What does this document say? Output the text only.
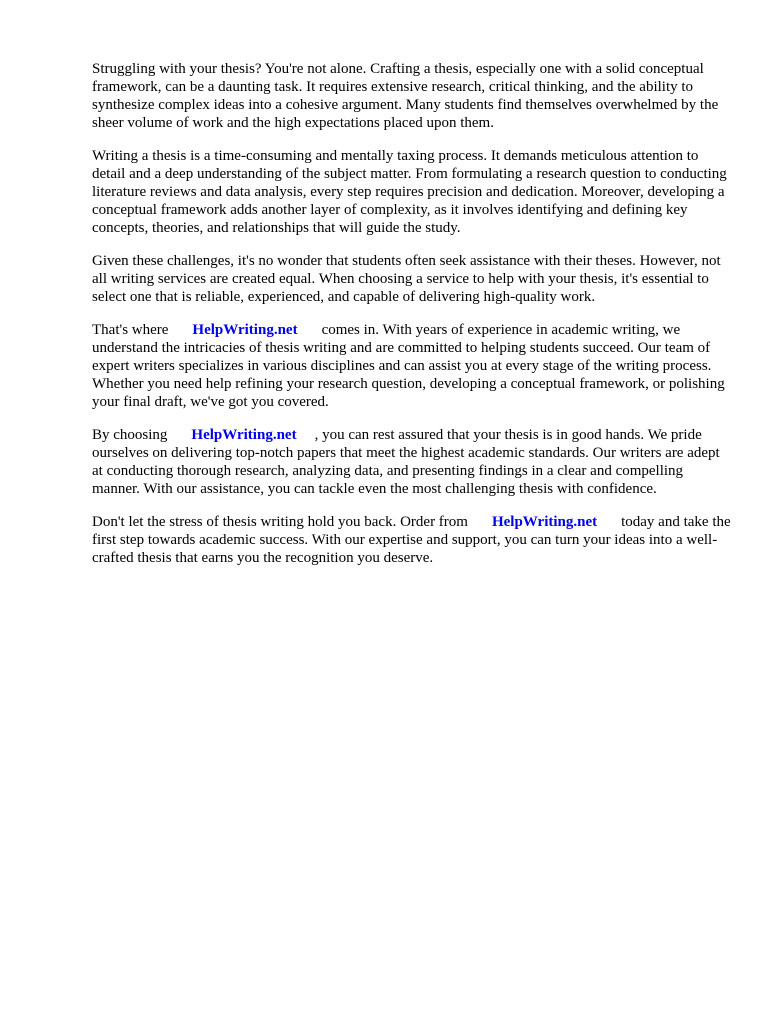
Struggling with your thesis? You're not alone. Crafting a thesis, especially one with a solid conceptual framework, can be a daunting task. It requires extensive research, critical thinking, and the ability to synthesize complex ideas into a cohesive argument. Many students find themselves overwhelmed by the sheer volume of work and the high expectations placed upon them.

Writing a thesis is a time-consuming and mentally taxing process. It demands meticulous attention to detail and a deep understanding of the subject matter. From formulating a research question to conducting literature reviews and data analysis, every step requires precision and dedication. Moreover, developing a conceptual framework adds another layer of complexity, as it involves identifying and defining key concepts, theories, and relationships that will guide the study.

Given these challenges, it's no wonder that students often seek assistance with their theses. However, not all writing services are created equal. When choosing a service to help with your thesis, it's essential to select one that is reliable, experienced, and capable of delivering high-quality work.

That's where HelpWriting.net comes in. With years of experience in academic writing, we understand the intricacies of thesis writing and are committed to helping students succeed. Our team of expert writers specializes in various disciplines and can assist you at every stage of the writing process. Whether you need help refining your research question, developing a conceptual framework, or polishing your final draft, we've got you covered.

By choosing HelpWriting.net , you can rest assured that your thesis is in good hands. We pride ourselves on delivering top-notch papers that meet the highest academic standards. Our writers are adept at conducting thorough research, analyzing data, and presenting findings in a clear and compelling manner. With our assistance, you can tackle even the most challenging thesis with confidence.

Don't let the stress of thesis writing hold you back. Order from HelpWriting.net today and take the first step towards academic success. With our expertise and support, you can turn your ideas into a well-crafted thesis that earns you the recognition you deserve.
